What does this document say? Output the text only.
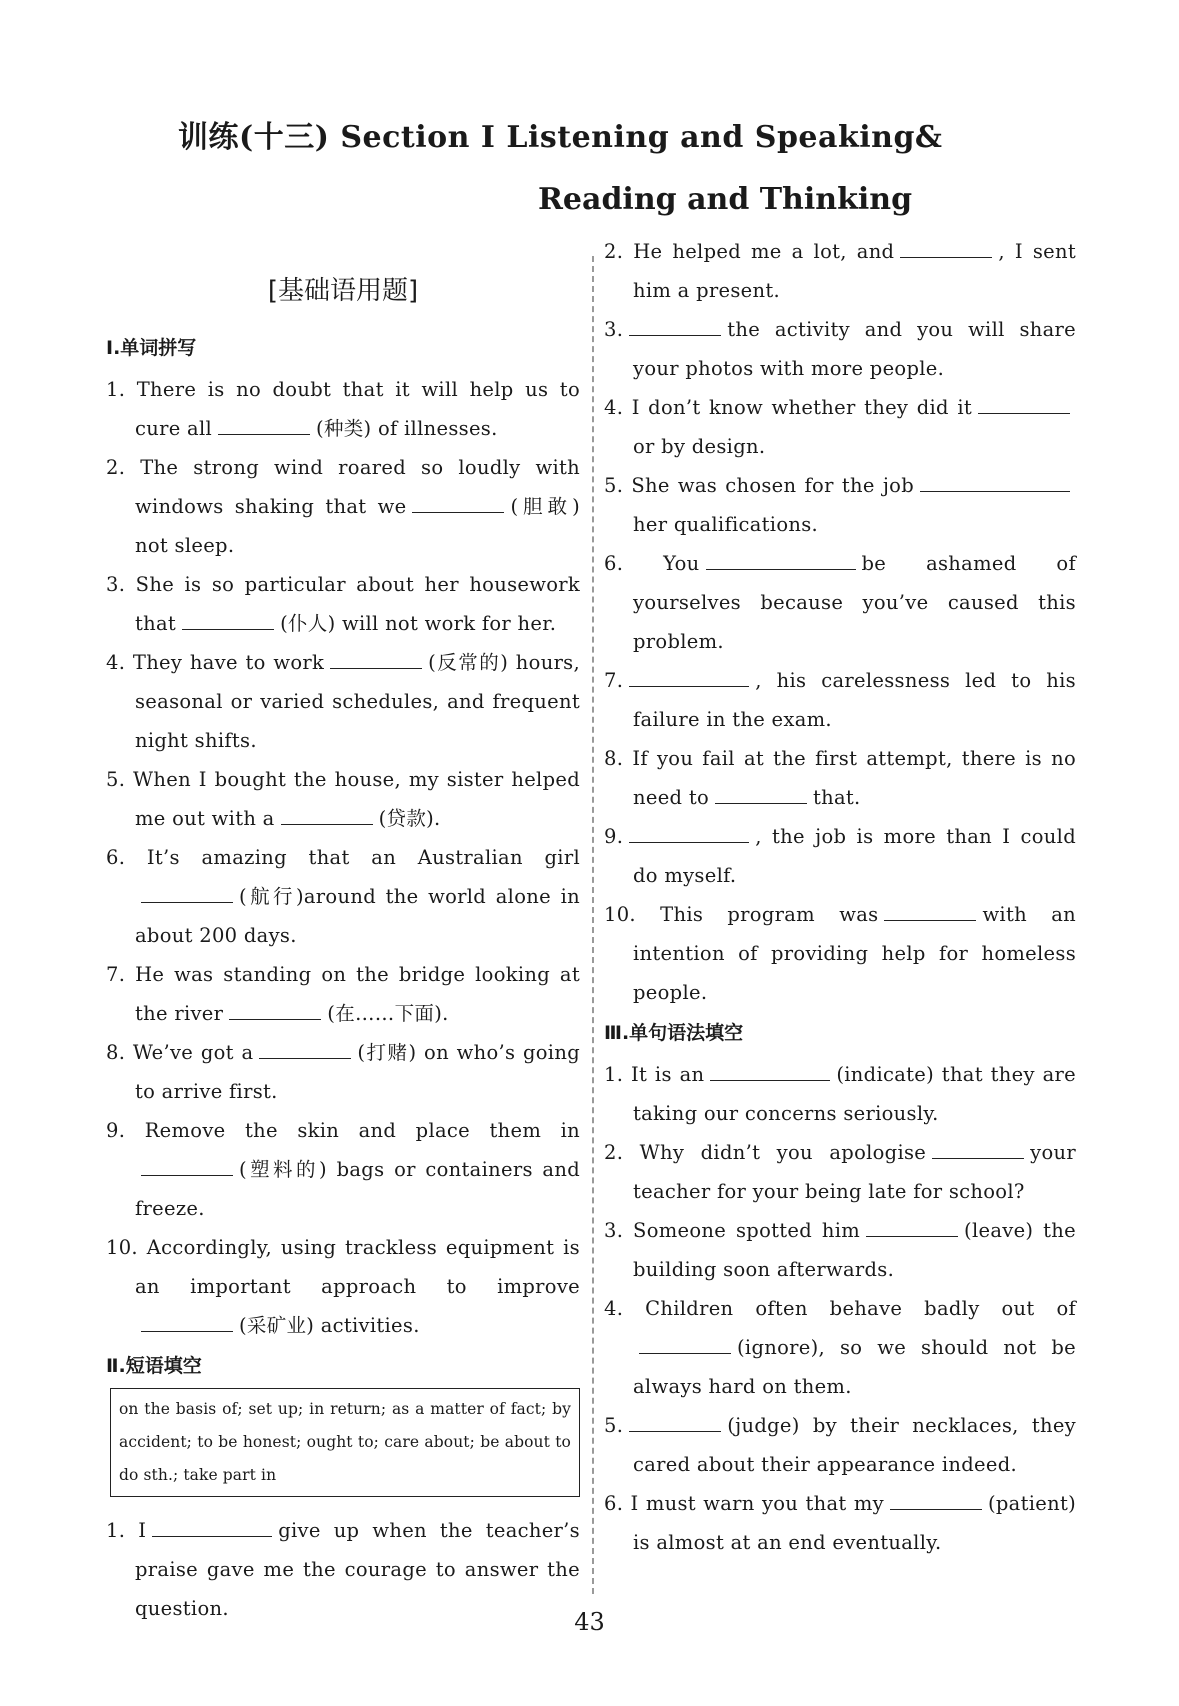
训练(十三) Section Ⅰ Listening and Speaking&
Reading and Thinking
[基础语用题]
Ⅰ.单词拼写

1. There is no doubt that it will help us to cure all	(种类) of illnesses.

2. The strong wind roared so loudly with windows shaking that we	(胆敢) not sleep.

3. She is so particular about her housework that	(仆人) will not work for her.

4. They have to work	(反常的) hours, seasonal or varied schedules, and frequent night shifts.

5. When I bought the house, my sister helped me out with a	(贷款).

6. It’s amazing that an Australian girl(航行)around the world alone in about 200 days.

7. He was standing on the bridge looking at the river	(在……下面).

8. We’ve got a	(打赌) on who’s going to arrive first.

9. Remove the skin and place them in(塑料的) bags or containers and freeze.

10. Accordingly, using trackless equipment is an important approach to improve(采矿业) activities.

Ⅱ.短语填空
on the basis of; set up; in return; as a matter of fact; by accident; to be honest; ought to; care about; be about to do sth.; take part in

1. I	give up when the teacher’s praise gave me the courage to answer the question.

2. He helped me a lot, and	, I sent him a present.

3.	the activity and you will share your photos with more people.

4. I don’t know whether they did itor by design.

5. She was chosen for the jobher qualifications.

6. You	be ashamed of yourselves because you’ve caused this problem.

7.	, his carelessness led to his failure in the exam.

8. If you fail at the first attempt, there is no need to	that.

9.	, the job is more than I could do myself.

10. This program was	with an intention of providing help for homeless people.

Ⅲ.单句语法填空

1. It is an	(indicate) that they are taking our concerns seriously.

2. Why didn’t you apologise	your teacher for your being late for school?

3. Someone spotted him	(leave) the building soon afterwards.

4. Children often behave badly out of(ignore), so we should not be always hard on them.

5.	(judge) by their necklaces, they cared about their appearance indeed.

6. I must warn you that my	(patient) is almost at an end eventually.

43
